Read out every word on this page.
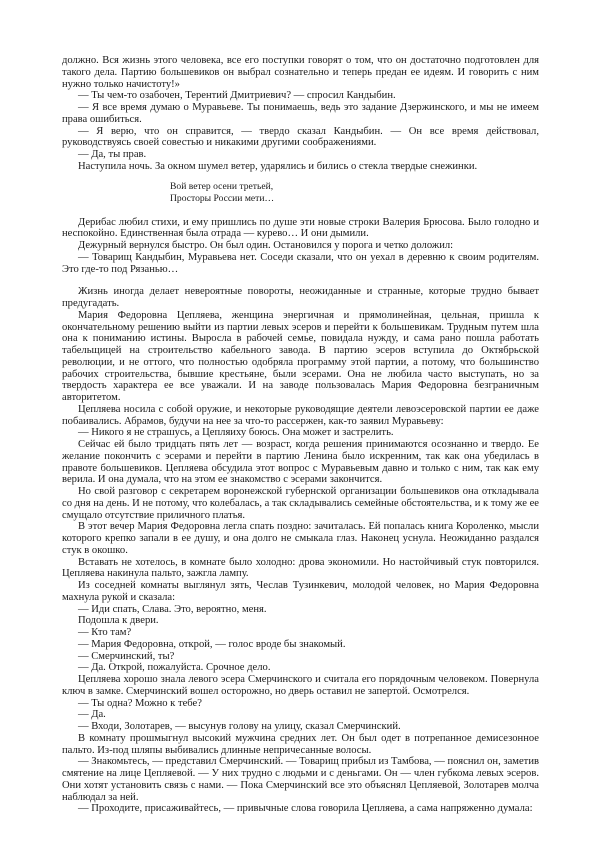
должно. Вся жизнь этого человека, все его поступки говорят о том, что он достаточно подготовлен для такого дела. Партию большевиков он выбрал сознательно и теперь предан ее идеям. И говорить с ним нужно только начистоту!»

— Ты чем-то озабочен, Терентий Дмитриевич? — спросил Кандыбин.

— Я все время думаю о Муравьеве. Ты понимаешь, ведь это задание Дзержинского, и мы не имеем права ошибиться.

— Я верю, что он справится, — твердо сказал Кандыбин. — Он все время действовал, руководствуясь своей совестью и никакими другими соображениями.

— Да, ты прав.

Наступила ночь. За окном шумел ветер, ударялись и бились о стекла твердые снежинки.

Вой ветер осени третьей,
Просторы России мети…

Дерибас любил стихи, и ему пришлись по душе эти новые строки Валерия Брюсова. Было голодно и неспокойно. Единственная была отрада — курево… И они дымили.

Дежурный вернулся быстро. Он был один. Остановился у порога и четко доложил:

— Товарищ Кандыбин, Муравьева нет. Соседи сказали, что он уехал в деревню к своим родителям. Это где-то под Рязанью…

Жизнь иногда делает невероятные повороты, неожиданные и странные, которые трудно бывает предугадать.

Мария Федоровна Цепляева, женщина энергичная и прямолинейная, цельная, пришла к окончательному решению выйти из партии левых эсеров и перейти к большевикам. Трудным путем шла она к пониманию истины. Выросла в рабочей семье, повидала нужду, и сама рано пошла работать табельщицей на строительство кабельного завода. В партию эсеров вступила до Октябрьской революции, и не оттого, что полностью одобряла программу этой партии, а потому, что большинство рабочих строительства, бывшие крестьяне, были эсерами. Она не любила часто выступать, но за твердость характера ее все уважали. И на заводе пользовалась Мария Федоровна безграничным авторитетом.

Цепляева носила с собой оружие, и некоторые руководящие деятели левоэсеровской партии ее даже побаивались. Абрамов, будучи на нее за что-то рассержен, как-то заявил Муравьеву:

— Никого я не страшусь, а Цепляиху боюсь. Она может и застрелить.

Сейчас ей было тридцать пять лет — возраст, когда решения принимаются осознанно и твердо. Ее желание покончить с эсерами и перейти в партию Ленина было искренним, так как она убедилась в правоте большевиков. Цепляева обсудила этот вопрос с Муравьевым давно и только с ним, так как ему верила. И она думала, что на этом ее знакомство с эсерами закончится.

Но свой разговор с секретарем воронежской губернской организации большевиков она откладывала со дня на день. И не потому, что колебалась, а так складывались семейные обстоятельства, и к тому же ее смущало отсутствие приличного платья.

В этот вечер Мария Федоровна легла спать поздно: зачиталась. Ей попалась книга Короленко, мысли которого крепко запали в ее душу, и она долго не смыкала глаз. Наконец уснула. Неожиданно раздался стук в окошко.

Вставать не хотелось, в комнате было холодно: дрова экономили. Но настойчивый стук повторился. Цепляева накинула пальто, зажгла лампу.

Из соседней комнаты выглянул зять, Чеслав Тузинкевич, молодой человек, но Мария Федоровна махнула рукой и сказала:

— Иди спать, Слава. Это, вероятно, меня.

Подошла к двери.

— Кто там?

— Мария Федоровна, открой, — голос вроде бы знакомый.

— Смерчинский, ты?

— Да. Открой, пожалуйста. Срочное дело.

Цепляева хорошо знала левого эсера Смерчинского и считала его порядочным человеком. Повернула ключ в замке. Смерчинский вошел осторожно, но дверь оставил не запертой. Осмотрелся.

— Ты одна? Можно к тебе?

— Да.

— Входи, Золотарев, — высунув голову на улицу, сказал Смерчинский.

В комнату прошмыгнул высокий мужчина средних лет. Он был одет в потрепанное демисезонное пальто. Из-под шляпы выбивались длинные непричесанные волосы.

— Знакомьтесь, — представил Смерчинский. — Товарищ прибыл из Тамбова, — пояснил он, заметив смятение на лице Цепляевой. — У них трудно с людьми и с деньгами. Он — член губкома левых эсеров. Они хотят установить связь с нами. — Пока Смерчинский все это объяснял Цепляевой, Золотарев молча наблюдал за ней.

— Проходите, присаживайтесь, — привычные слова говорила Цепляева, а сама напряженно думала:
